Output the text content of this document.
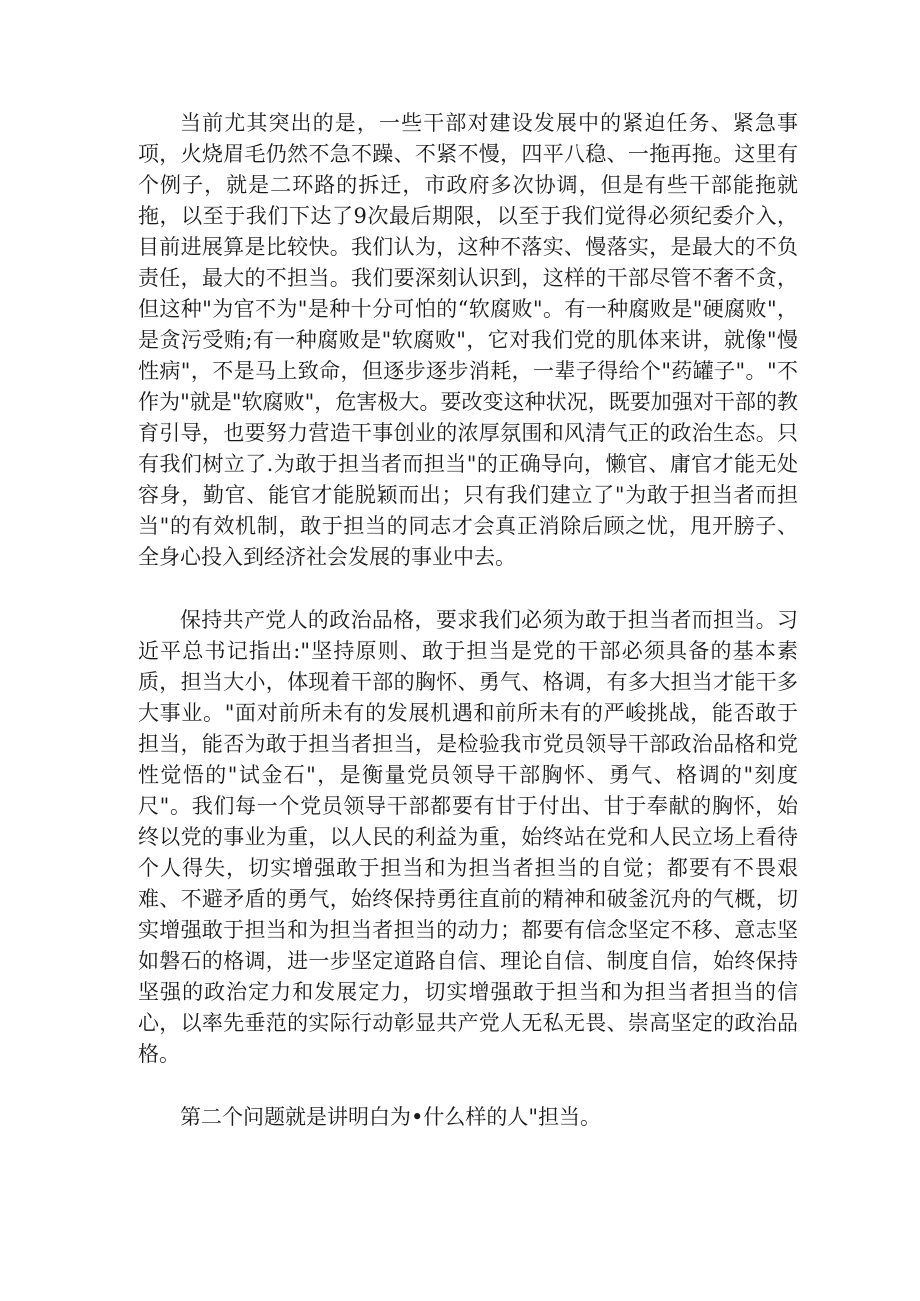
当前尤其突出的是，一些干部对建设发展中的紧迫任务、紧急事项，火烧眉毛仍然不急不躁、不紧不慢，四平八稳、一拖再拖。这里有个例子，就是二环路的拆迁，市政府多次协调，但是有些干部能拖就拖，以至于我们下达了9次最后期限，以至于我们觉得必须纪委介入，目前进展算是比较快。我们认为，这种不落实、慢落实，是最大的不负责任，最大的不担当。我们要深刻认识到，这样的干部尽管不奢不贪，但这种"为官不为"是种十分可怕的“软腐败"。有一种腐败是"硬腐败"，是贪污受贿;有一种腐败是"软腐败"，它对我们党的肌体来讲，就像"慢性病"，不是马上致命，但逐步逐步消耗，一辈子得给个"药罐子"。"不作为"就是"软腐败"，危害极大。要改变这种状况，既要加强对干部的教育引导，也要努力营造干事创业的浓厚氛围和风清气正的政治生态。只有我们树立了.为敢于担当者而担当"的正确导向，懒官、庸官才能无处容身，勤官、能官才能脱颖而出；只有我们建立了"为敢于担当者而担当"的有效机制，敢于担当的同志才会真正消除后顾之忧，甩开膀子、全身心投入到经济社会发展的事业中去。

保持共产党人的政治品格，要求我们必须为敢于担当者而担当。习近平总书记指出:"坚持原则、敢于担当是党的干部必须具备的基本素质，担当大小，体现着干部的胸怀、勇气、格调，有多大担当才能干多大事业。"面对前所未有的发展机遇和前所未有的严峻挑战，能否敢于担当，能否为敢于担当者担当，是检验我市党员领导干部政治品格和党性觉悟的"试金石"，是衡量党员领导干部胸怀、勇气、格调的"刻度尺"。我们每一个党员领导干部都要有甘于付出、甘于奉献的胸怀，始终以党的事业为重，以人民的利益为重，始终站在党和人民立场上看待个人得失，切实增强敢于担当和为担当者担当的自觉；都要有不畏艰难、不避矛盾的勇气，始终保持勇往直前的精神和破釜沉舟的气概，切实增强敢于担当和为担当者担当的动力；都要有信念坚定不移、意志坚如磐石的格调，进一步坚定道路自信、理论自信、制度自信，始终保持坚强的政治定力和发展定力，切实增强敢于担当和为担当者担当的信心，以率先垂范的实际行动彰显共产党人无私无畏、崇高坚定的政治品格。

第二个问题就是讲明白为•什么样的人"担当。
